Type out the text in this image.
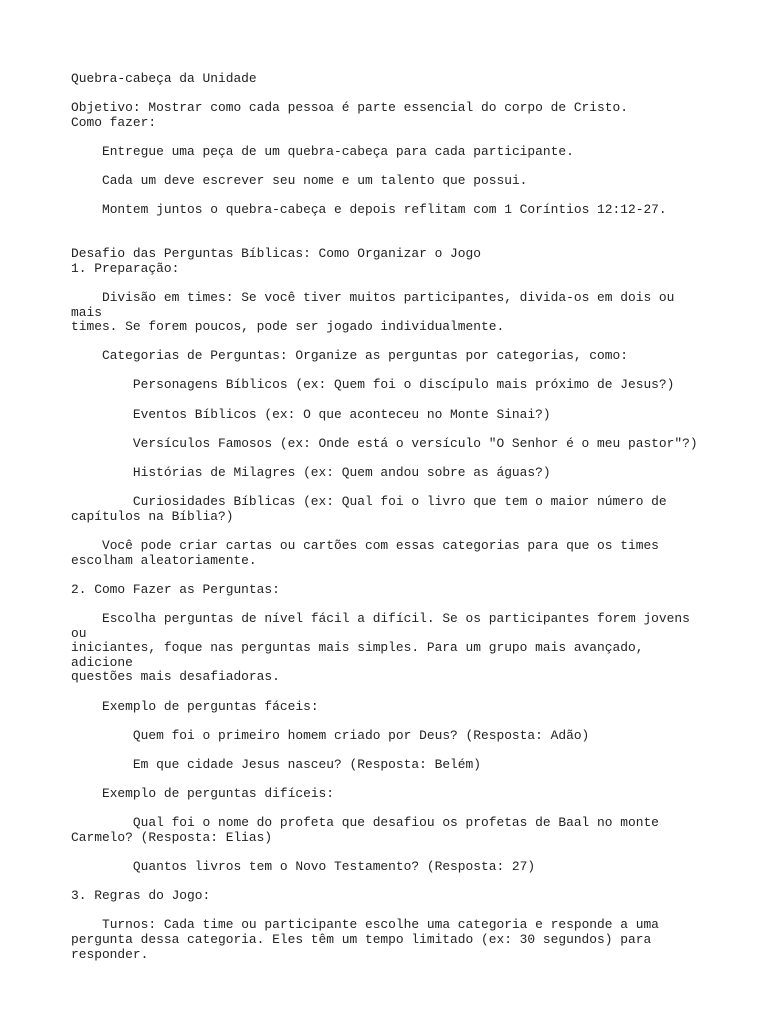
Quebra-cabeça da Unidade

Objetivo: Mostrar como cada pessoa é parte essencial do corpo de Cristo.

Como fazer:

Entregue uma peça de um quebra-cabeça para cada participante.

Cada um deve escrever seu nome e um talento que possui.

Montem juntos o quebra-cabeça e depois reflitam com 1 Coríntios 12:12-27.

Desafio das Perguntas Bíblicas: Como Organizar o Jogo

1. Preparação:

Divisão em times: Se você tiver muitos participantes, divida-os em dois ou mais

times. Se forem poucos, pode ser jogado individualmente.

Categorias de Perguntas: Organize as perguntas por categorias, como:

Personagens Bíblicos (ex: Quem foi o discípulo mais próximo de Jesus?)

Eventos Bíblicos (ex: O que aconteceu no Monte Sinai?)

Versículos Famosos (ex: Onde está o versículo "O Senhor é o meu pastor"?)

Histórias de Milagres (ex: Quem andou sobre as águas?)

Curiosidades Bíblicas (ex: Qual foi o livro que tem o maior número de

capítulos na Bíblia?)

Você pode criar cartas ou cartões com essas categorias para que os times

escolham aleatoriamente.

2. Como Fazer as Perguntas:

Escolha perguntas de nível fácil a difícil. Se os participantes forem jovens ou

iniciantes, foque nas perguntas mais simples. Para um grupo mais avançado, adicione

questões mais desafiadoras.

Exemplo de perguntas fáceis:

Quem foi o primeiro homem criado por Deus? (Resposta: Adão)

Em que cidade Jesus nasceu? (Resposta: Belém)

Exemplo de perguntas difíceis:

Qual foi o nome do profeta que desafiou os profetas de Baal no monte

Carmelo? (Resposta: Elias)

Quantos livros tem o Novo Testamento? (Resposta: 27)

3. Regras do Jogo:

Turnos: Cada time ou participante escolhe uma categoria e responde a uma

pergunta dessa categoria. Eles têm um tempo limitado (ex: 30 segundos) para

responder.
